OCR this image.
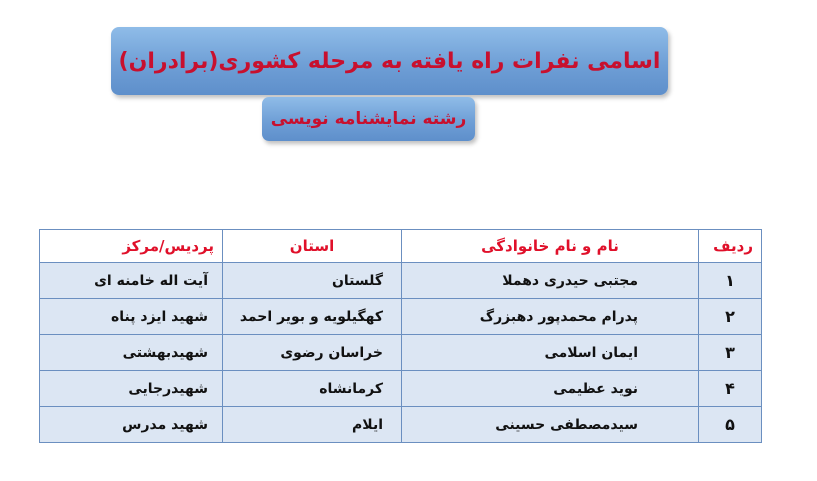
اسامی نفرات راه یافته به مرحله کشوری(برادران)
رشته نمایشنامه نویسی
ردیف	نام و نام خانوادگی	استان	پردیس/مرکز
۱	مجتبی حیدری دهملا	گلستان	آیت اله خامنه ای
۲	پدرام محمدپور دهبزرگ	کهگیلویه و بویر احمد	شهید ایزد پناه
۳	ایمان اسلامی	خراسان رضوی	شهیدبهشتی
۴	نوید عظیمی	کرمانشاه	شهیدرجایی
۵	سیدمصطفی حسینی	ایلام	شهید مدرس
